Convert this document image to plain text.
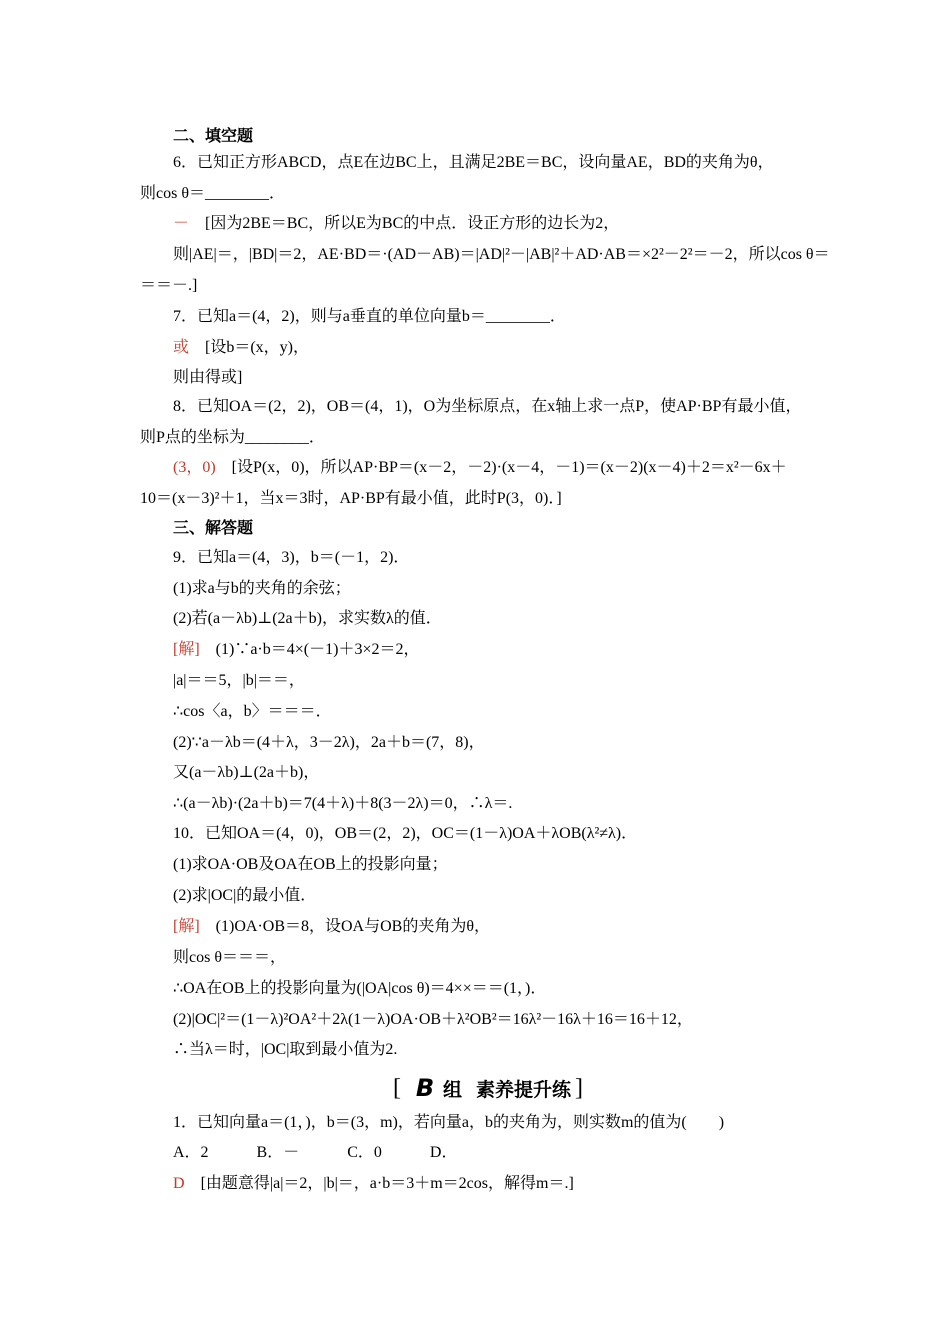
二、填空题
6．已知正方形ABCD，点E在边BC上，且满足2BE＝BC，设向量AE，BD的夹角为θ，
则cos θ＝________．
－　[因为2BE＝BC，所以E为BC的中点．设正方形的边长为2，
则|AE|＝，|BD|＝2，AE·BD＝·(AD－AB)＝|AD|²－|AB|²＋AD·AB＝×2²－2²＝－2，所以cos θ＝
＝＝－.]
7．已知a＝(4，2)，则与a垂直的单位向量b＝________．
或　[设b＝(x，y)，
则由得或]
8．已知OA＝(2，2)，OB＝(4，1)，O为坐标原点，在x轴上求一点P，使AP·BP有最小值，
则P点的坐标为________．
(3，0)　[设P(x，0)，所以AP·BP＝(x－2，－2)·(x－4，－1)＝(x－2)(x－4)＋2＝x²－6x＋
10＝(x－3)²＋1，当x＝3时，AP·BP有最小值，此时P(3，0)．]
三、解答题
9．已知a＝(4，3)，b＝(－1，2)．
(1)求a与b的夹角的余弦；
(2)若(a－λb)⊥(2a＋b)，求实数λ的值．
[解]　(1)∵a·b＝4×(－1)＋3×2＝2，
|a|＝＝5，|b|＝＝，
∴cos〈a，b〉＝＝＝．
(2)∵a－λb＝(4＋λ，3－2λ)，2a＋b＝(7，8)，
又(a－λb)⊥(2a＋b)，
∴(a－λb)·(2a＋b)＝7(4＋λ)＋8(3－2λ)＝0，∴λ＝.
10．已知OA＝(4，0)，OB＝(2，2)，OC＝(1－λ)OA＋λOB(λ²≠λ)．
(1)求OA·OB及OA在OB上的投影向量；
(2)求|OC|的最小值．
[解]　(1)OA·OB＝8，设OA与OB的夹角为θ，
则cos θ＝＝＝，
∴OA在OB上的投影向量为(|OA|cos θ)＝4××＝＝(1，)．
(2)|OC|²＝(1－λ)²OA²＋2λ(1－λ)OA·OB＋λ²OB²＝16λ²－16λ＋16＝16＋12，
∴当λ＝时，|OC|取到最小值为2.
1．已知向量a＝(1，)，b＝(3，m)，若向量a，b的夹角为，则实数m的值为(　　)
A．2　　　B．－　　　C．0　　　D．
D　[由题意得|a|＝2，|b|＝，a·b＝3＋m＝2cos，解得m＝.]
[ B 组 素养提升练 ]
